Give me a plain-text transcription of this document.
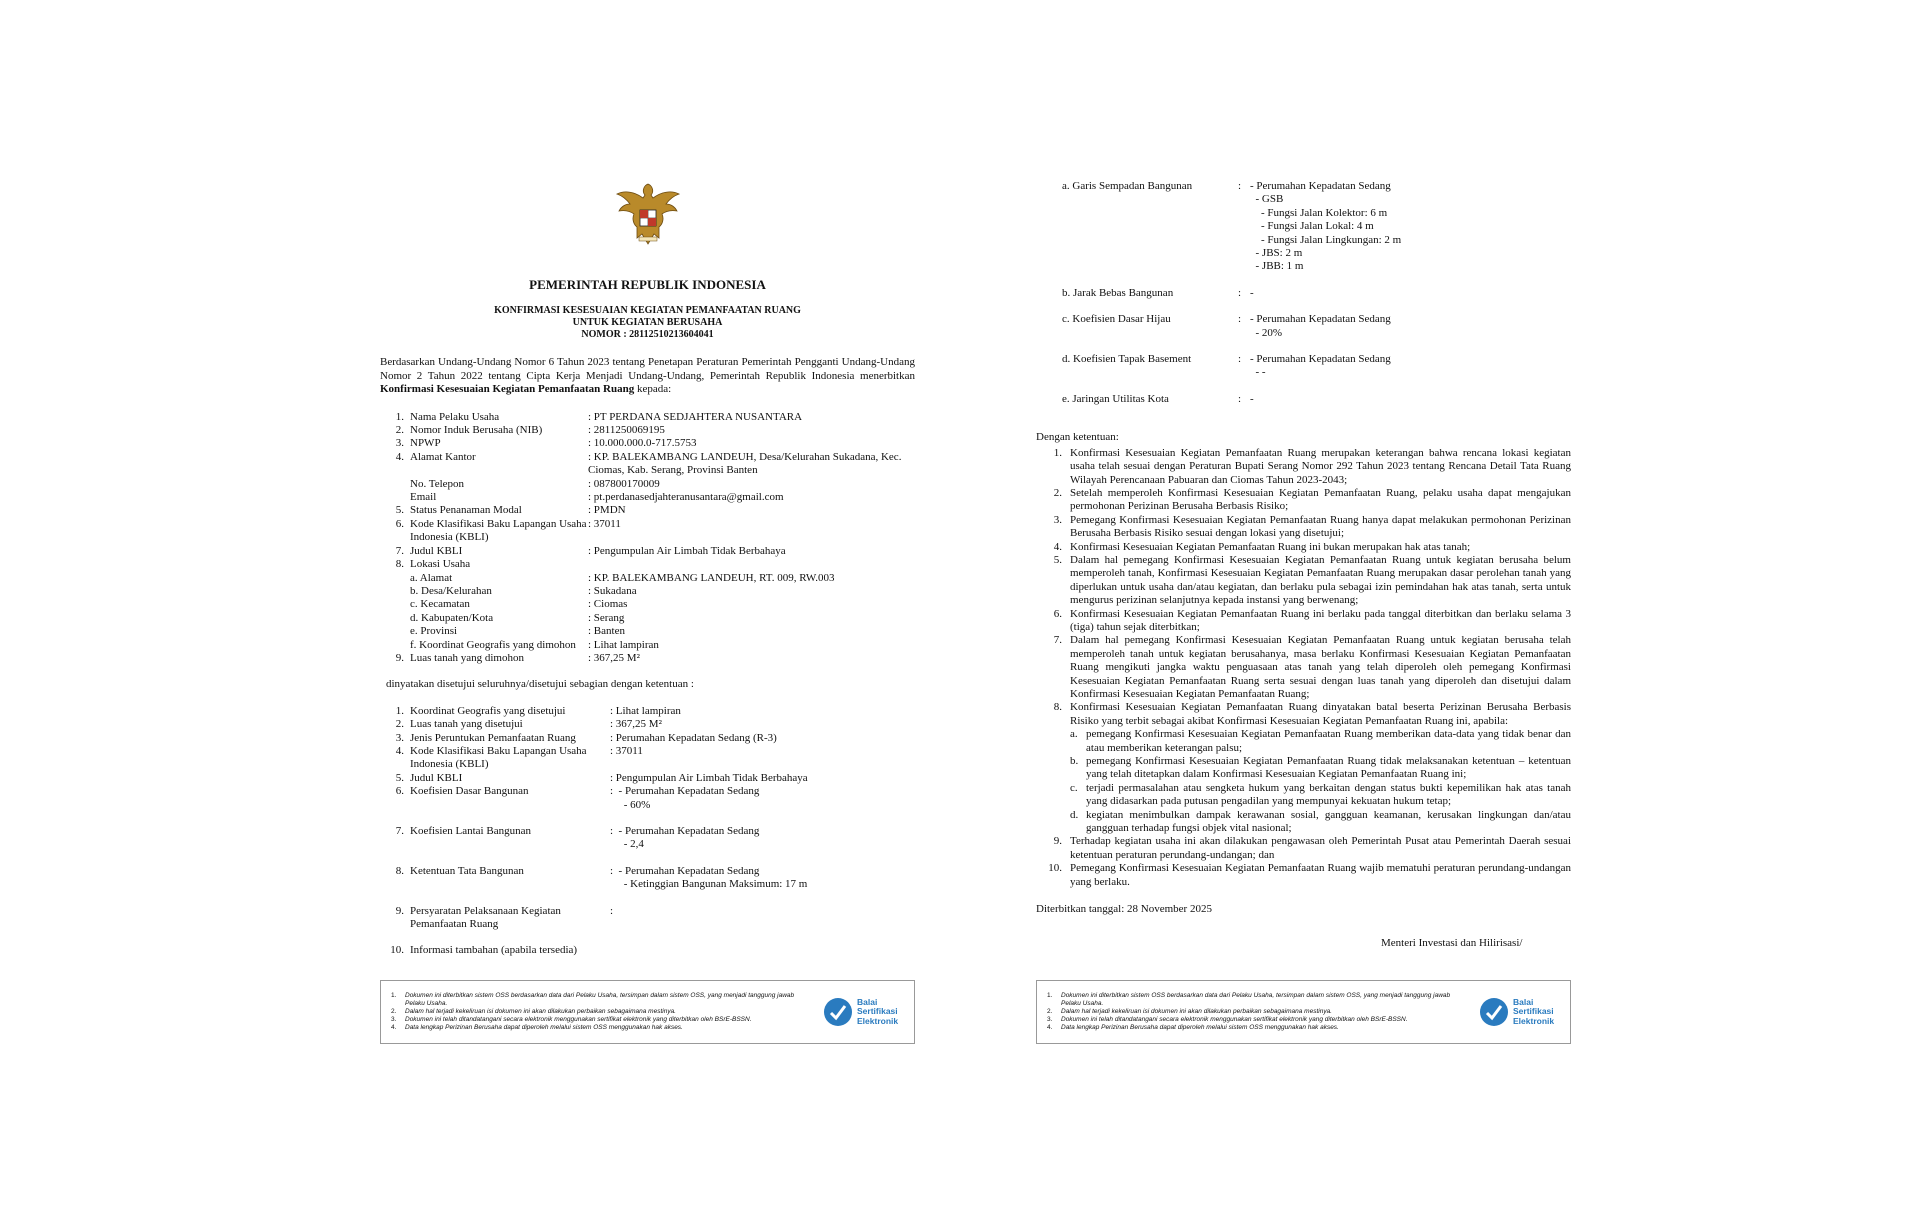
PEMERINTAH REPUBLIK INDONESIA
KONFIRMASI KESESUAIAN KEGIATAN PEMANFAATAN RUANG
UNTUK KEGIATAN BERUSAHA
NOMOR : 28112510213604041
Berdasarkan Undang-Undang Nomor 6 Tahun 2023 tentang Penetapan Peraturan Pemerintah Pengganti Undang-Undang Nomor 2 Tahun 2022 tentang Cipta Kerja Menjadi Undang-Undang, Pemerintah Republik Indonesia menerbitkan Konfirmasi Kesesuaian Kegiatan Pemanfaatan Ruang kepada:
1. Nama Pelaku Usaha	: PT PERDANA SEDJAHTERA NUSANTARA
2. Nomor Induk Berusaha (NIB)	: 2811250069195
3. NPWP	: 10.000.000.0-717.5753
4. Alamat Kantor	: KP. BALEKAMBANG LANDEUH, Desa/Kelurahan Sukadana, Kec. Ciomas, Kab. Serang, Provinsi Banten
No. Telepon	: 087800170009
Email	: pt.perdanasedjahteranusantara@gmail.com
5. Status Penanaman Modal	: PMDN
6. Kode Klasifikasi Baku Lapangan Usaha Indonesia (KBLI)
: 37011
7. Judul KBLI	: Pengumpulan Air Limbah Tidak Berbahaya
8. Lokasi Usaha
a. Alamat	: KP. BALEKAMBANG LANDEUH, RT. 009, RW.003
b. Desa/Kelurahan	: Sukadana
c. Kecamatan	: Ciomas
d. Kabupaten/Kota	: Serang
e. Provinsi	: Banten
f. Koordinat Geografis yang dimohon	: Lihat lampiran
9. Luas tanah yang dimohon	: 367,25 M²
dinyatakan disetujui seluruhnya/disetujui sebagian dengan ketentuan :
1. Koordinat Geografis yang disetujui	: Lihat lampiran
2. Luas tanah yang disetujui	: 367,25 M²
3. Jenis Peruntukan Pemanfaatan Ruang	: Perumahan Kepadatan Sedang (R-3)
4. Kode Klasifikasi Baku Lapangan Usaha Indonesia (KBLI)
: 37011
5. Judul KBLI	: Pengumpulan Air Limbah Tidak Berbahaya
6. Koefisien Dasar Bangunan	:  - Perumahan Kepadatan Sedang
- 60%
7. Koefisien Lantai Bangunan	:  - Perumahan Kepadatan Sedang
- 2,4
8. Ketentuan Tata Bangunan	:  - Perumahan Kepadatan Sedang
- Ketinggian Bangunan Maksimum: 17 m
9. Persyaratan Pelaksanaan Kegiatan Pemanfaatan Ruang
:
10. Informasi tambahan (apabila tersedia)
1.	Dokumen ini diterbitkan sistem OSS berdasarkan data dari Pelaku Usaha, tersimpan dalam sistem OSS, yang menjadi tanggung jawab Pelaku Usaha.
2.	Dalam hal terjadi kekeliruan isi dokumen ini akan dilakukan perbaikan sebagaimana mestinya.
3.	Dokumen ini telah ditandatangani secara elektronik menggunakan sertifikat elektronik yang diterbitkan oleh BSrE-BSSN.
4.	Data lengkap Perizinan Berusaha dapat diperoleh melalui sistem OSS menggunakan hak akses.
Balai
Sertifikasi
Elektronik
a. Garis Sempadan Bangunan	: - Perumahan Kepadatan Sedang
- GSB
- Fungsi Jalan Kolektor: 6 m
- Fungsi Jalan Lokal: 4 m
- Fungsi Jalan Lingkungan: 2 m
- JBS: 2 m
- JBB: 1 m
b. Jarak Bebas Bangunan	: -
c. Koefisien Dasar Hijau	: - Perumahan Kepadatan Sedang
- 20%
d. Koefisien Tapak Basement	: - Perumahan Kepadatan Sedang
- -
e. Jaringan Utilitas Kota	: -
Dengan ketentuan:
1. Konfirmasi Kesesuaian Kegiatan Pemanfaatan Ruang merupakan keterangan bahwa rencana lokasi kegiatan usaha telah sesuai dengan Peraturan Bupati Serang Nomor 292 Tahun 2023 tentang Rencana Detail Tata Ruang Wilayah Perencanaan Pabuaran dan Ciomas Tahun 2023-2043;
2. Setelah memperoleh Konfirmasi Kesesuaian Kegiatan Pemanfaatan Ruang, pelaku usaha dapat mengajukan permohonan Perizinan Berusaha Berbasis Risiko;
3. Pemegang Konfirmasi Kesesuaian Kegiatan Pemanfaatan Ruang hanya dapat melakukan permohonan Perizinan Berusaha Berbasis Risiko sesuai dengan lokasi yang disetujui;
4. Konfirmasi Kesesuaian Kegiatan Pemanfaatan Ruang ini bukan merupakan hak atas tanah;
5. Dalam hal pemegang Konfirmasi Kesesuaian Kegiatan Pemanfaatan Ruang untuk kegiatan berusaha belum memperoleh tanah, Konfirmasi Kesesuaian Kegiatan Pemanfaatan Ruang merupakan dasar perolehan tanah yang diperlukan untuk usaha dan/atau kegiatan, dan berlaku pula sebagai izin pemindahan hak atas tanah, serta untuk mengurus perizinan selanjutnya kepada instansi yang berwenang;
6. Konfirmasi Kesesuaian Kegiatan Pemanfaatan Ruang ini berlaku pada tanggal diterbitkan dan berlaku selama 3 (tiga) tahun sejak diterbitkan;
7. Dalam hal pemegang Konfirmasi Kesesuaian Kegiatan Pemanfaatan Ruang untuk kegiatan berusaha telah memperoleh tanah untuk kegiatan berusahanya, masa berlaku Konfirmasi Kesesuaian Kegiatan Pemanfaatan Ruang mengikuti jangka waktu penguasaan atas tanah yang telah diperoleh oleh pemegang Konfirmasi Kesesuaian Kegiatan Pemanfaatan Ruang serta sesuai dengan luas tanah yang diperoleh dan disetujui dalam Konfirmasi Kesesuaian Kegiatan Pemanfaatan Ruang;
8. Konfirmasi Kesesuaian Kegiatan Pemanfaatan Ruang dinyatakan batal beserta Perizinan Berusaha Berbasis Risiko yang terbit sebagai akibat Konfirmasi Kesesuaian Kegiatan Pemanfaatan Ruang ini, apabila:
a. pemegang Konfirmasi Kesesuaian Kegiatan Pemanfaatan Ruang memberikan data-data yang tidak benar dan atau memberikan keterangan palsu;
b. pemegang Konfirmasi Kesesuaian Kegiatan Pemanfaatan Ruang tidak melaksanakan ketentuan – ketentuan yang telah ditetapkan dalam Konfirmasi Kesesuaian Kegiatan Pemanfaatan Ruang ini;
c. terjadi permasalahan atau sengketa hukum yang berkaitan dengan status bukti kepemilikan hak atas tanah yang didasarkan pada putusan pengadilan yang mempunyai kekuatan hukum tetap;
d. kegiatan menimbulkan dampak kerawanan sosial, gangguan keamanan, kerusakan lingkungan dan/atau gangguan terhadap fungsi objek vital nasional;
9. Terhadap kegiatan usaha ini akan dilakukan pengawasan oleh Pemerintah Pusat atau Pemerintah Daerah sesuai ketentuan peraturan perundang-undangan; dan
10. Pemegang Konfirmasi Kesesuaian Kegiatan Pemanfaatan Ruang wajib mematuhi peraturan perundang-undangan yang berlaku.
Diterbitkan tanggal: 28 November 2025
Menteri Investasi dan Hilirisasi/
1.	Dokumen ini diterbitkan sistem OSS berdasarkan data dari Pelaku Usaha, tersimpan dalam sistem OSS, yang menjadi tanggung jawab Pelaku Usaha.
2.	Dalam hal terjadi kekeliruan isi dokumen ini akan dilakukan perbaikan sebagaimana mestinya.
3.	Dokumen ini telah ditandatangani secara elektronik menggunakan sertifikat elektronik yang diterbitkan oleh BSrE-BSSN.
4.	Data lengkap Perizinan Berusaha dapat diperoleh melalui sistem OSS menggunakan hak akses.
Balai
Sertifikasi
Elektronik
